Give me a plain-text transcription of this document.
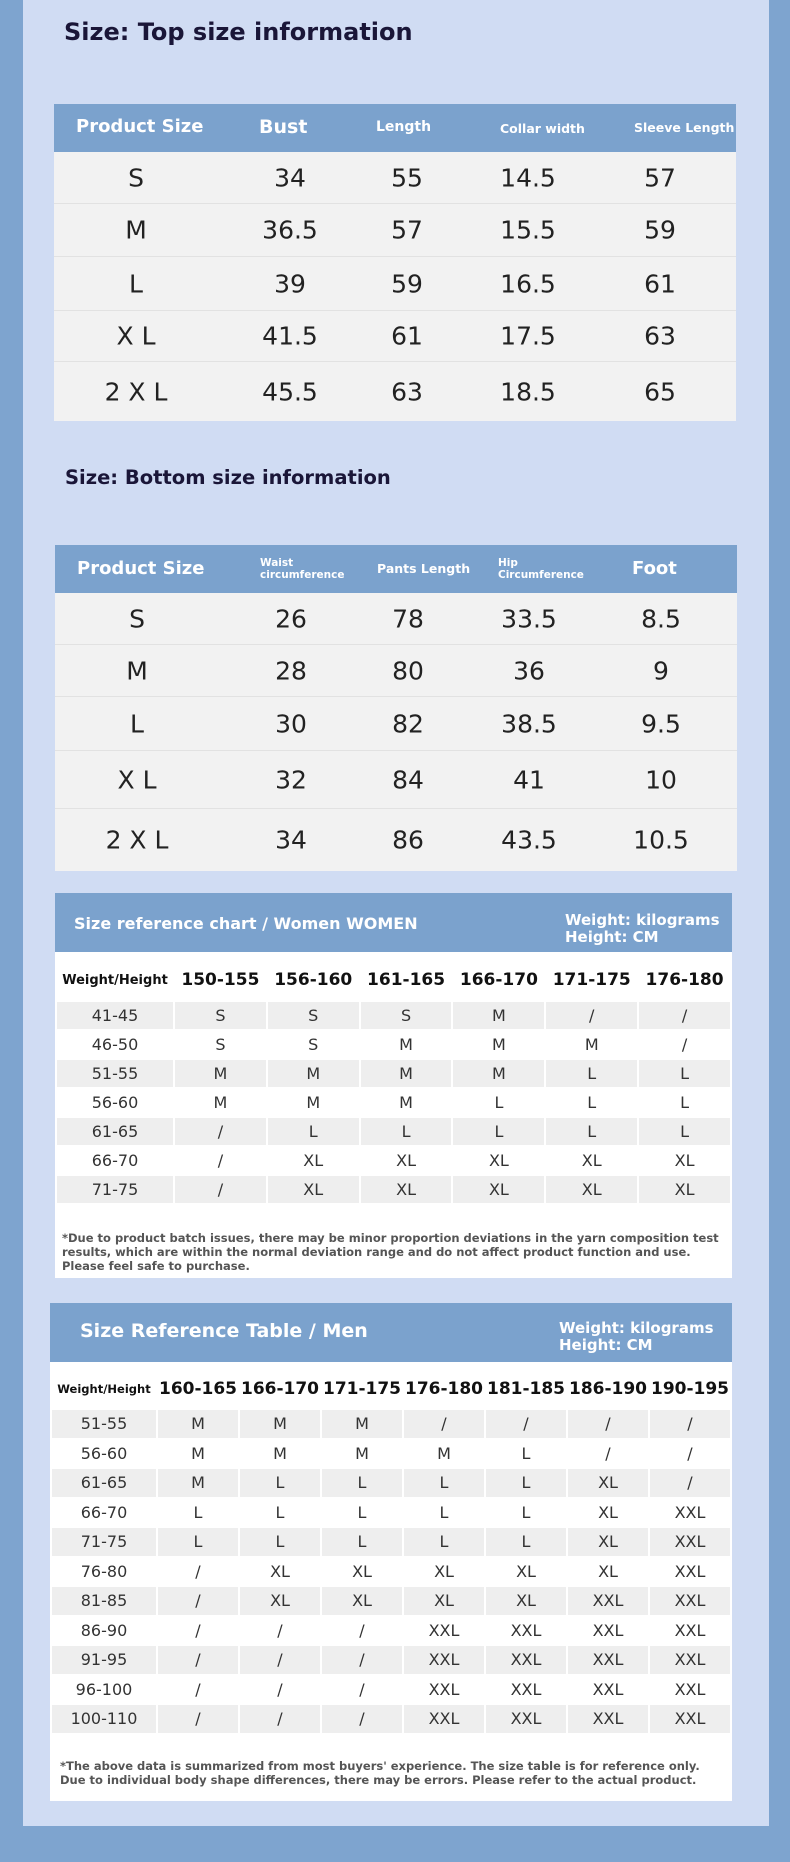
Size: Top size information
Product Size	Bust	Length	Collar width	Sleeve Length
S	34	55	14.5	57
M	36.5	57	15.5	59
L	39	59	16.5	61
X L	41.5	61	17.5	63
2 X L	45.5	63	18.5	65
Size: Bottom size information
Product Size	Waist circumference	Pants Length	Hip Circumference	Foot
S	26	78	33.5	8.5
M	28	80	36	9
L	30	82	38.5	9.5
X L	32	84	41	10
2 X L	34	86	43.5	10.5
Size reference chart / Women WOMEN	Weight: kilograms
Height: CM
Weight/Height	150-155	156-160	161-165	166-170	171-175	176-180
41-45	S	S	S	M	/	/
46-50	S	S	M	M	M	/
51-55	M	M	M	M	L	L
56-60	M	M	M	L	L	L
61-65	/	L	L	L	L	L
66-70	/	XL	XL	XL	XL	XL
71-75	/	XL	XL	XL	XL	XL
*Due to product batch issues, there may be minor proportion deviations in the yarn composition test results, which are within the normal deviation range and do not affect product function and use. Please feel safe to purchase.
Size Reference Table / Men	Weight: kilograms
Height: CM
Weight/Height	160-165	166-170	171-175	176-180	181-185	186-190	190-195
51-55	M	M	M	/	/	/	/
56-60	M	M	M	M	L	/	/
61-65	M	L	L	L	L	XL	/
66-70	L	L	L	L	L	XL	XXL
71-75	L	L	L	L	L	XL	XXL
76-80	/	XL	XL	XL	XL	XL	XXL
81-85	/	XL	XL	XL	XL	XXL	XXL
86-90	/	/	/	XXL	XXL	XXL	XXL
91-95	/	/	/	XXL	XXL	XXL	XXL
96-100	/	/	/	XXL	XXL	XXL	XXL
100-110	/	/	/	XXL	XXL	XXL	XXL
*The above data is summarized from most buyers' experience. The size table is for reference only. Due to individual body shape differences, there may be errors. Please refer to the actual product.
